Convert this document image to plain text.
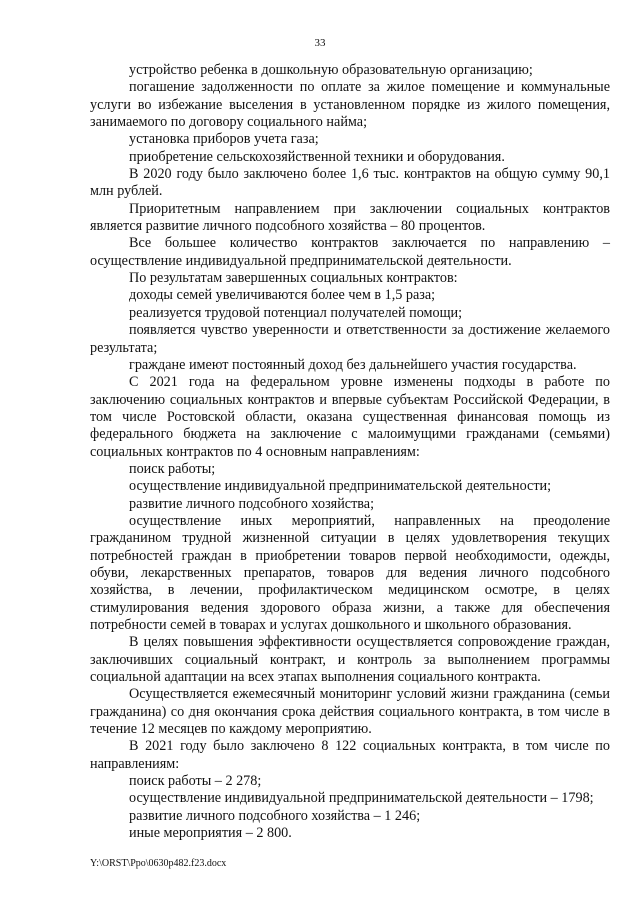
33

устройство ребенка в дошкольную образовательную организацию;

погашение задолженности по оплате за жилое помещение и коммунальные услуги во избежание выселения в установленном порядке из жилого помещения, занимаемого по договору социального найма;

установка приборов учета газа;

приобретение сельскохозяйственной техники и оборудования.

В 2020 году было заключено более 1,6 тыс. контрактов на общую сумму 90,1 млн рублей.

Приоритетным направлением при заключении социальных контрактов является развитие личного подсобного хозяйства – 80 процентов.

Все большее количество контрактов заключается по направлению – осуществление индивидуальной предпринимательской деятельности.

По результатам завершенных социальных контрактов:

доходы семей увеличиваются более чем в 1,5 раза;

реализуется трудовой потенциал получателей помощи;

появляется чувство уверенности и ответственности за достижение желаемого результата;

граждане имеют постоянный доход без дальнейшего участия государства.

С 2021 года на федеральном уровне изменены подходы в работе по заключению социальных контрактов и впервые субъектам Российской Федерации, в том числе Ростовской области, оказана существенная финансовая помощь из федерального бюджета на заключение с малоимущими гражданами (семьями) социальных контрактов по 4 основным направлениям:

поиск работы;

осуществление индивидуальной предпринимательской деятельности;

развитие личного подсобного хозяйства;

осуществление иных мероприятий, направленных на преодоление гражданином трудной жизненной ситуации в целях удовлетворения текущих потребностей граждан в приобретении товаров первой необходимости, одежды, обуви, лекарственных препаратов, товаров для ведения личного подсобного хозяйства, в лечении, профилактическом медицинском осмотре, в целях стимулирования ведения здорового образа жизни, а также для обеспечения потребности семей в товарах и услугах дошкольного и школьного образования.

В целях повышения эффективности осуществляется сопровождение граждан, заключивших социальный контракт, и контроль за выполнением программы социальной адаптации на всех этапах выполнения социального контракта.

Осуществляется ежемесячный мониторинг условий жизни гражданина (семьи гражданина) со дня окончания срока действия социального контракта, в том числе в течение 12 месяцев по каждому мероприятию.

В 2021 году было заключено 8 122 социальных контракта, в том числе по направлениям:

поиск работы – 2 278;

осуществление индивидуальной предпринимательской деятельности – 1798;

развитие личного подсобного хозяйства – 1 246;

иные мероприятия – 2 800.

Y:\ORST\Ppo\0630p482.f23.docx
